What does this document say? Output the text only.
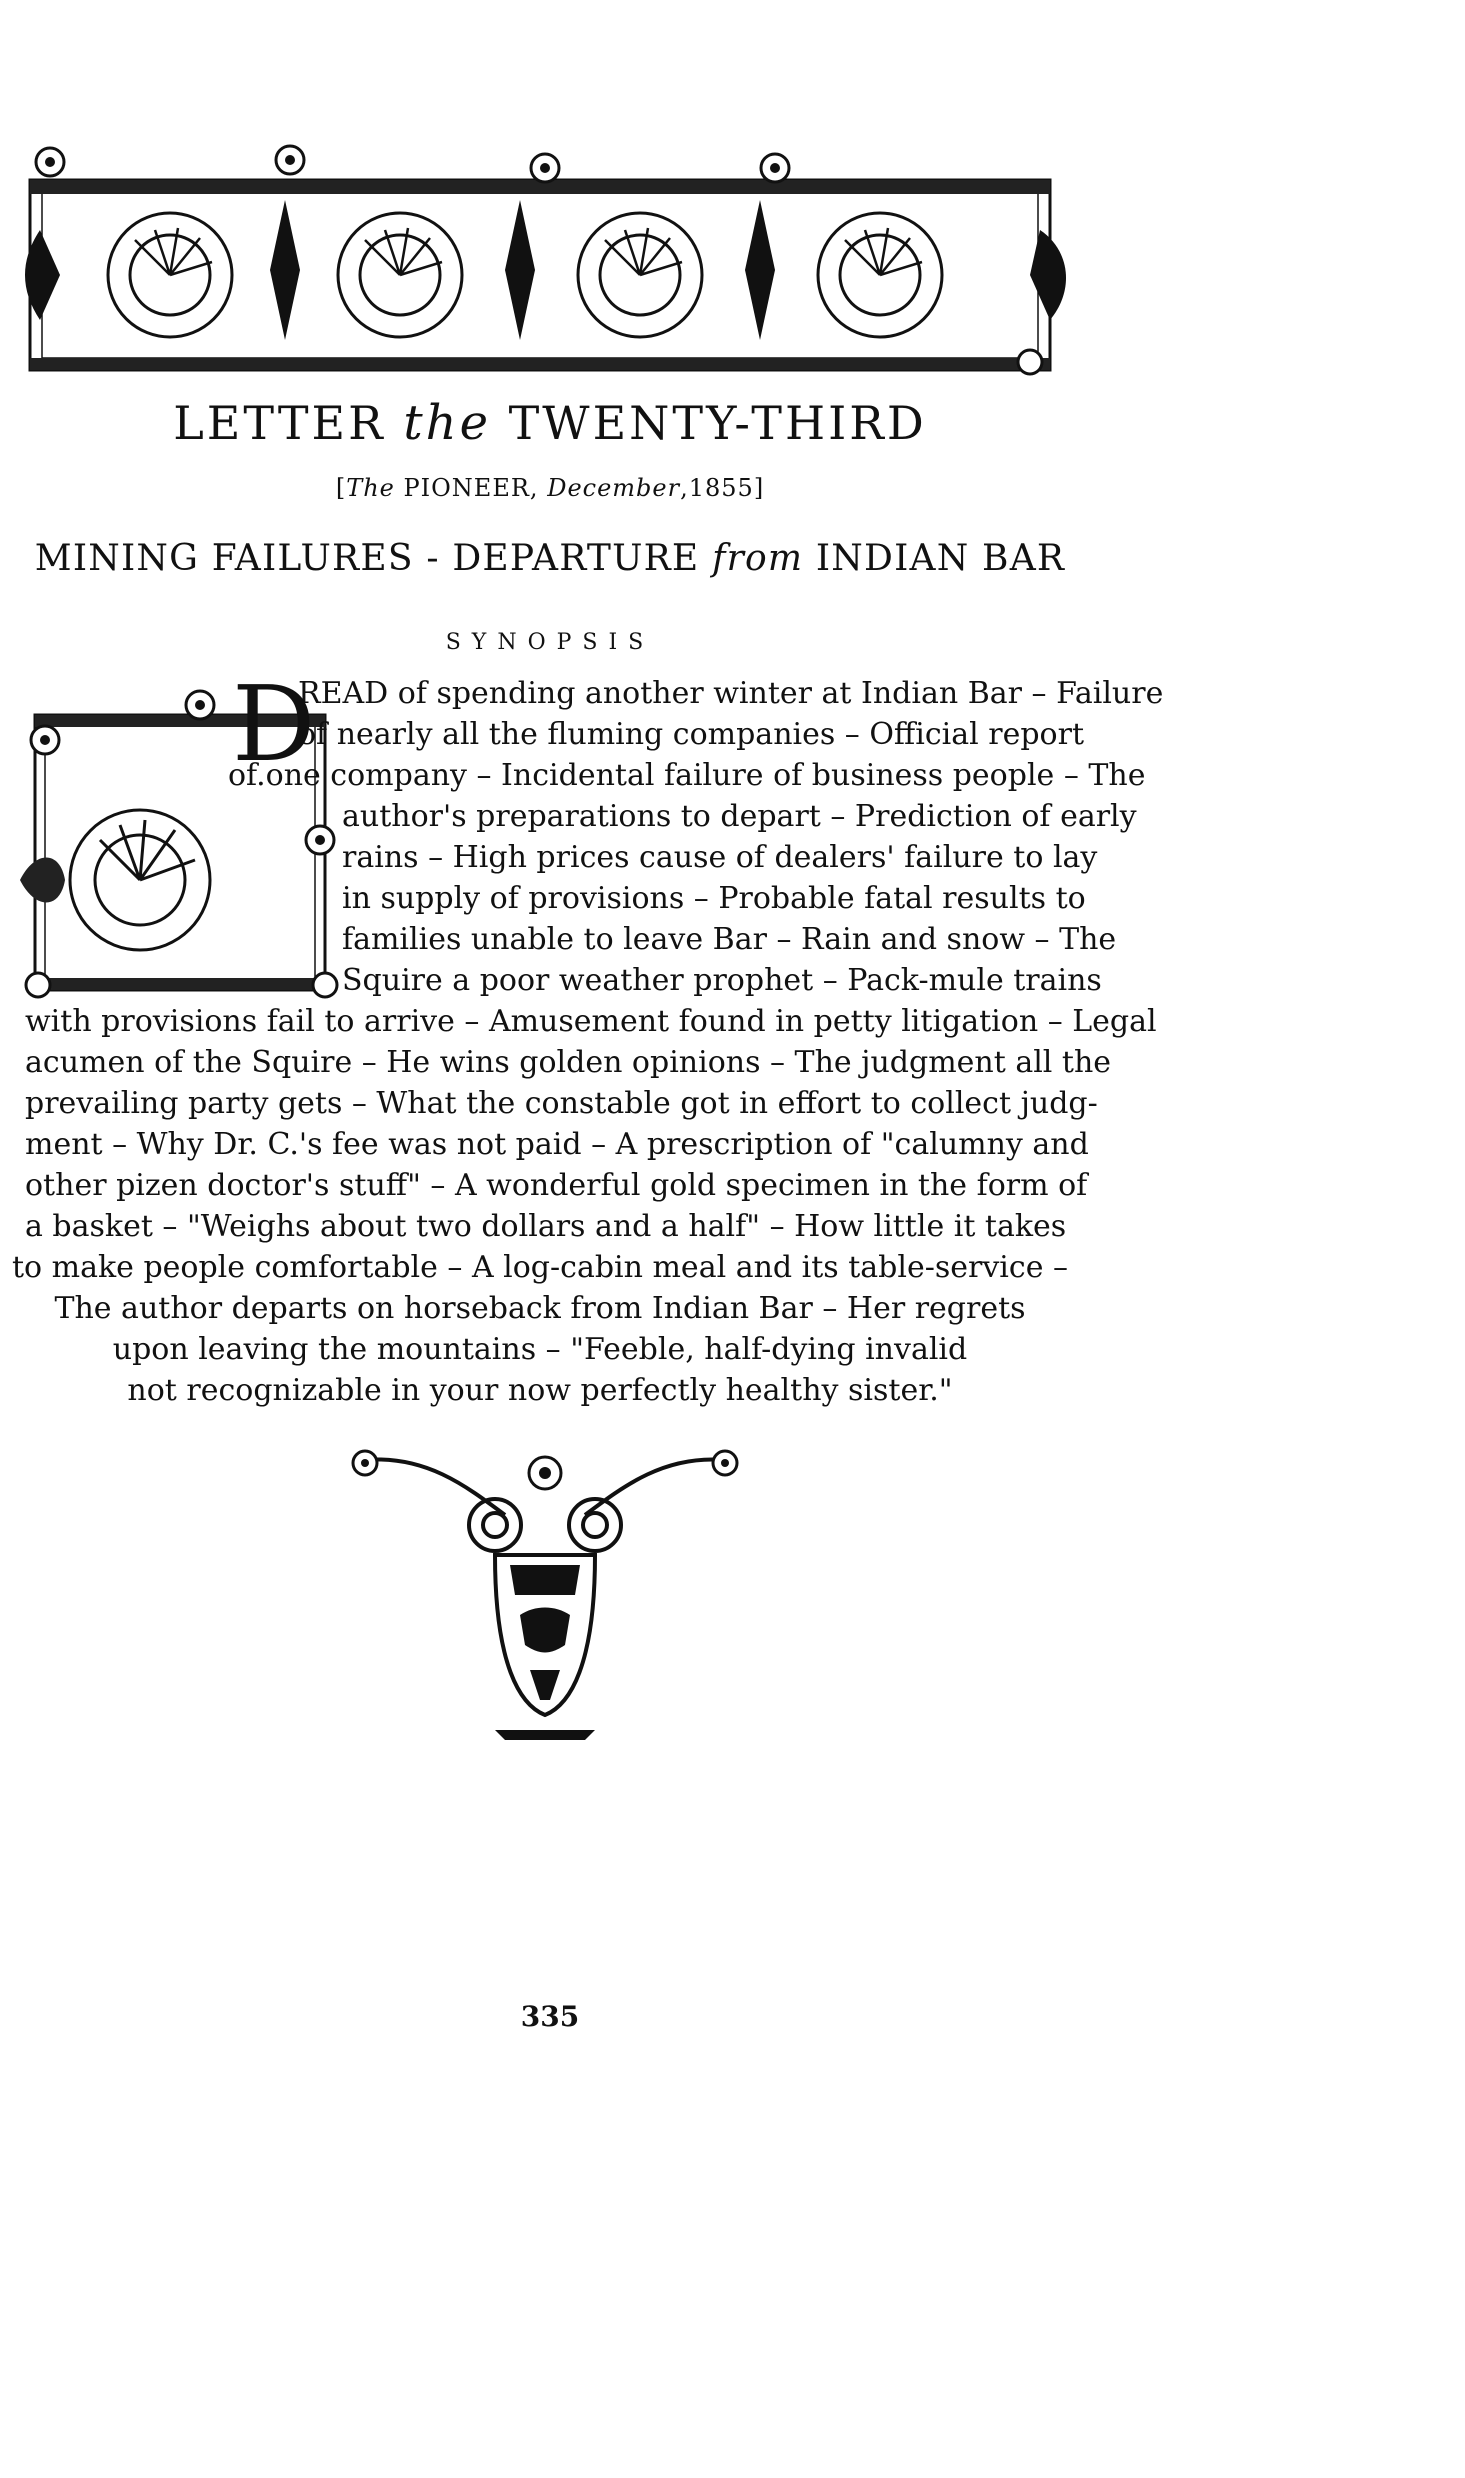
LETTER the TWENTY-THIRD
[The PIONEER, December,1855]
MINING FAILURES - DEPARTURE from INDIAN BAR
SYNOPSIS
D
READ of spending another winter at Indian Bar – Failure
of nearly all the fluming companies – Official report
of.one company – Incidental failure of business people – The
author's preparations to depart – Prediction of early
rains – High prices cause of dealers' failure to lay
in supply of provisions – Probable fatal results to
families unable to leave Bar – Rain and snow – The
Squire a poor weather prophet – Pack-mule trains
with provisions fail to arrive – Amusement found in petty litigation – Legal
acumen of the Squire – He wins golden opinions – The judgment all the
prevailing party gets – What the constable got in effort to collect judg-
ment – Why Dr. C.'s fee was not paid – A prescription of "calumny and
other pizen doctor's stuff" – A wonderful gold specimen in the form of
a basket – "Weighs about two dollars and a half" – How little it takes
to make people comfortable – A log-cabin meal and its table-service –
The author departs on horseback from Indian Bar – Her regrets
upon leaving the mountains – "Feeble, half-dying invalid
not recognizable in your now perfectly healthy sister."
335
